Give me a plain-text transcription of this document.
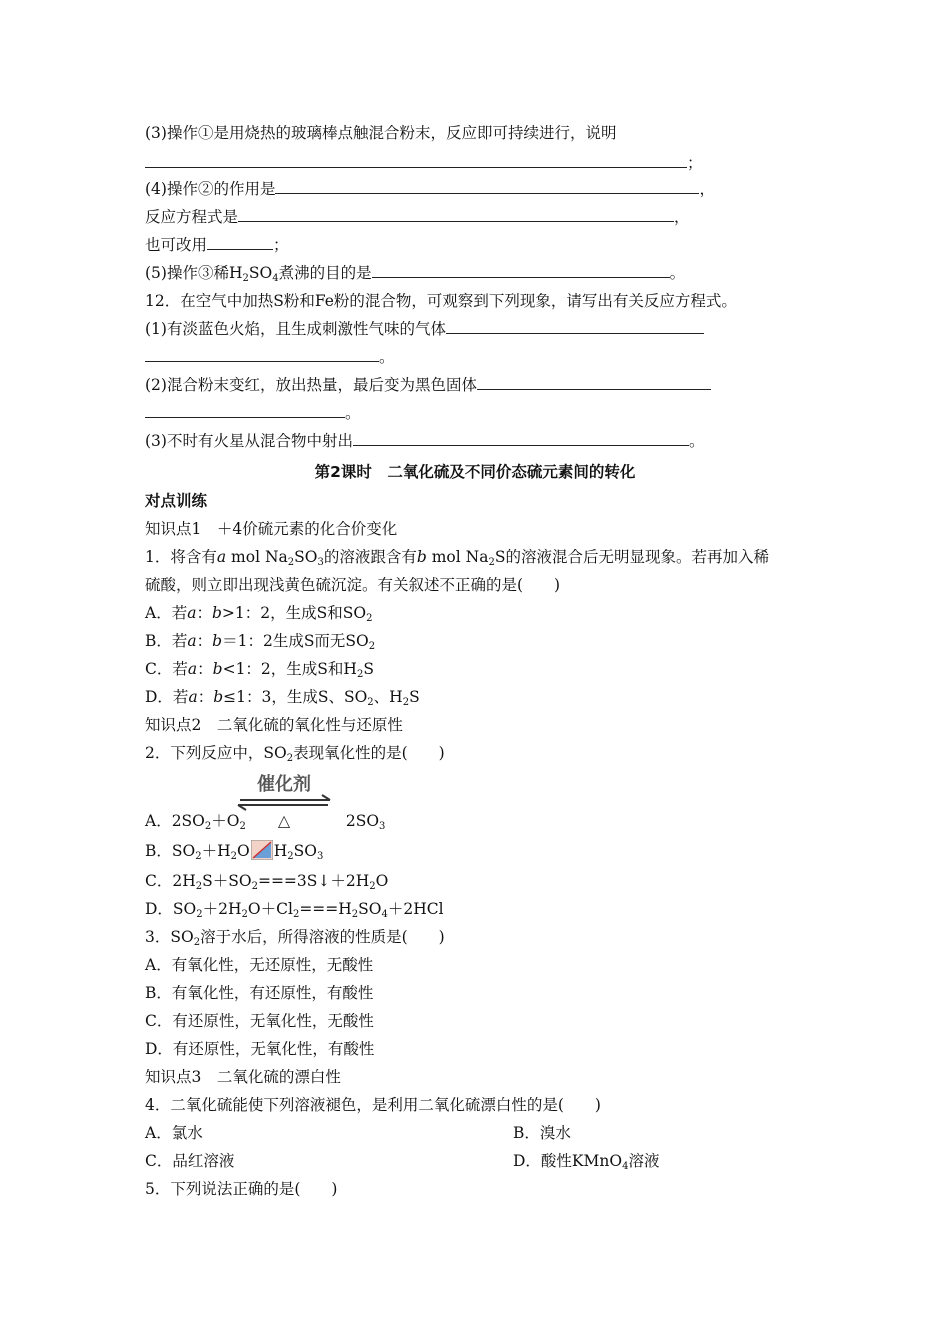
(3)操作①是用烧热的玻璃棒点触混合粉末，反应即可持续进行，说明
；
(4)操作②的作用是	，
反应方程式是	，
也可改用	；
(5)操作③稀$H_2SO_4$煮沸的目的是	。
12．在空气中加热S粉和Fe粉的混合物，可观察到下列现象，请写出有关反应方程式。
(1)有淡蓝色火焰，且生成刺激性气味的气体
。
(2)混合粉末变红，放出热量，最后变为黑色固体
。
(3)不时有火星从混合物中射出	。
第2课时　二氧化硫及不同价态硫元素间的转化
对点训练
知识点1　＋4价硫元素的化合价变化
1．将含有a mol $Na_2SO_3$的溶液跟含有b mol $Na_2S$的溶液混合后无明显现象。若再加入稀
硫酸，则立即出现浅黄色硫沉淀。有关叙述不正确的是(　　)
A．若a：b>1：2，生成S和$SO_2$
B．若a：b＝1：2生成S而无$SO_2$
C．若a：b<1：2，生成S和$H_2S$
D．若a：b≤1：3，生成S、$SO_2$、$H_2S$
知识点2　二氧化硫的氧化性与还原性
2．下列反应中，$SO_2$表现氧化性的是(　　)
催化剂
△
A．$2SO_2+O_2$	$2SO_3$
B．$SO_2+H_2O$ $H_2SO_3$
C．$2H_2S+SO_2===3S↓+2H_2O$
D．$SO_2+2H_2O+Cl_2===H_2SO_4+2HCl$
3．$SO_2$溶于水后，所得溶液的性质是(　　)
A．有氧化性，无还原性，无酸性
B．有氧化性，有还原性，有酸性
C．有还原性，无氧化性，无酸性
D．有还原性，无氧化性，有酸性
知识点3　二氧化硫的漂白性
4．二氧化硫能使下列溶液褪色，是利用二氧化硫漂白性的是(　　)
A．氯水	B．溴水
C．品红溶液	D．酸性KMnO$_4$溶液
5．下列说法正确的是(　　)
